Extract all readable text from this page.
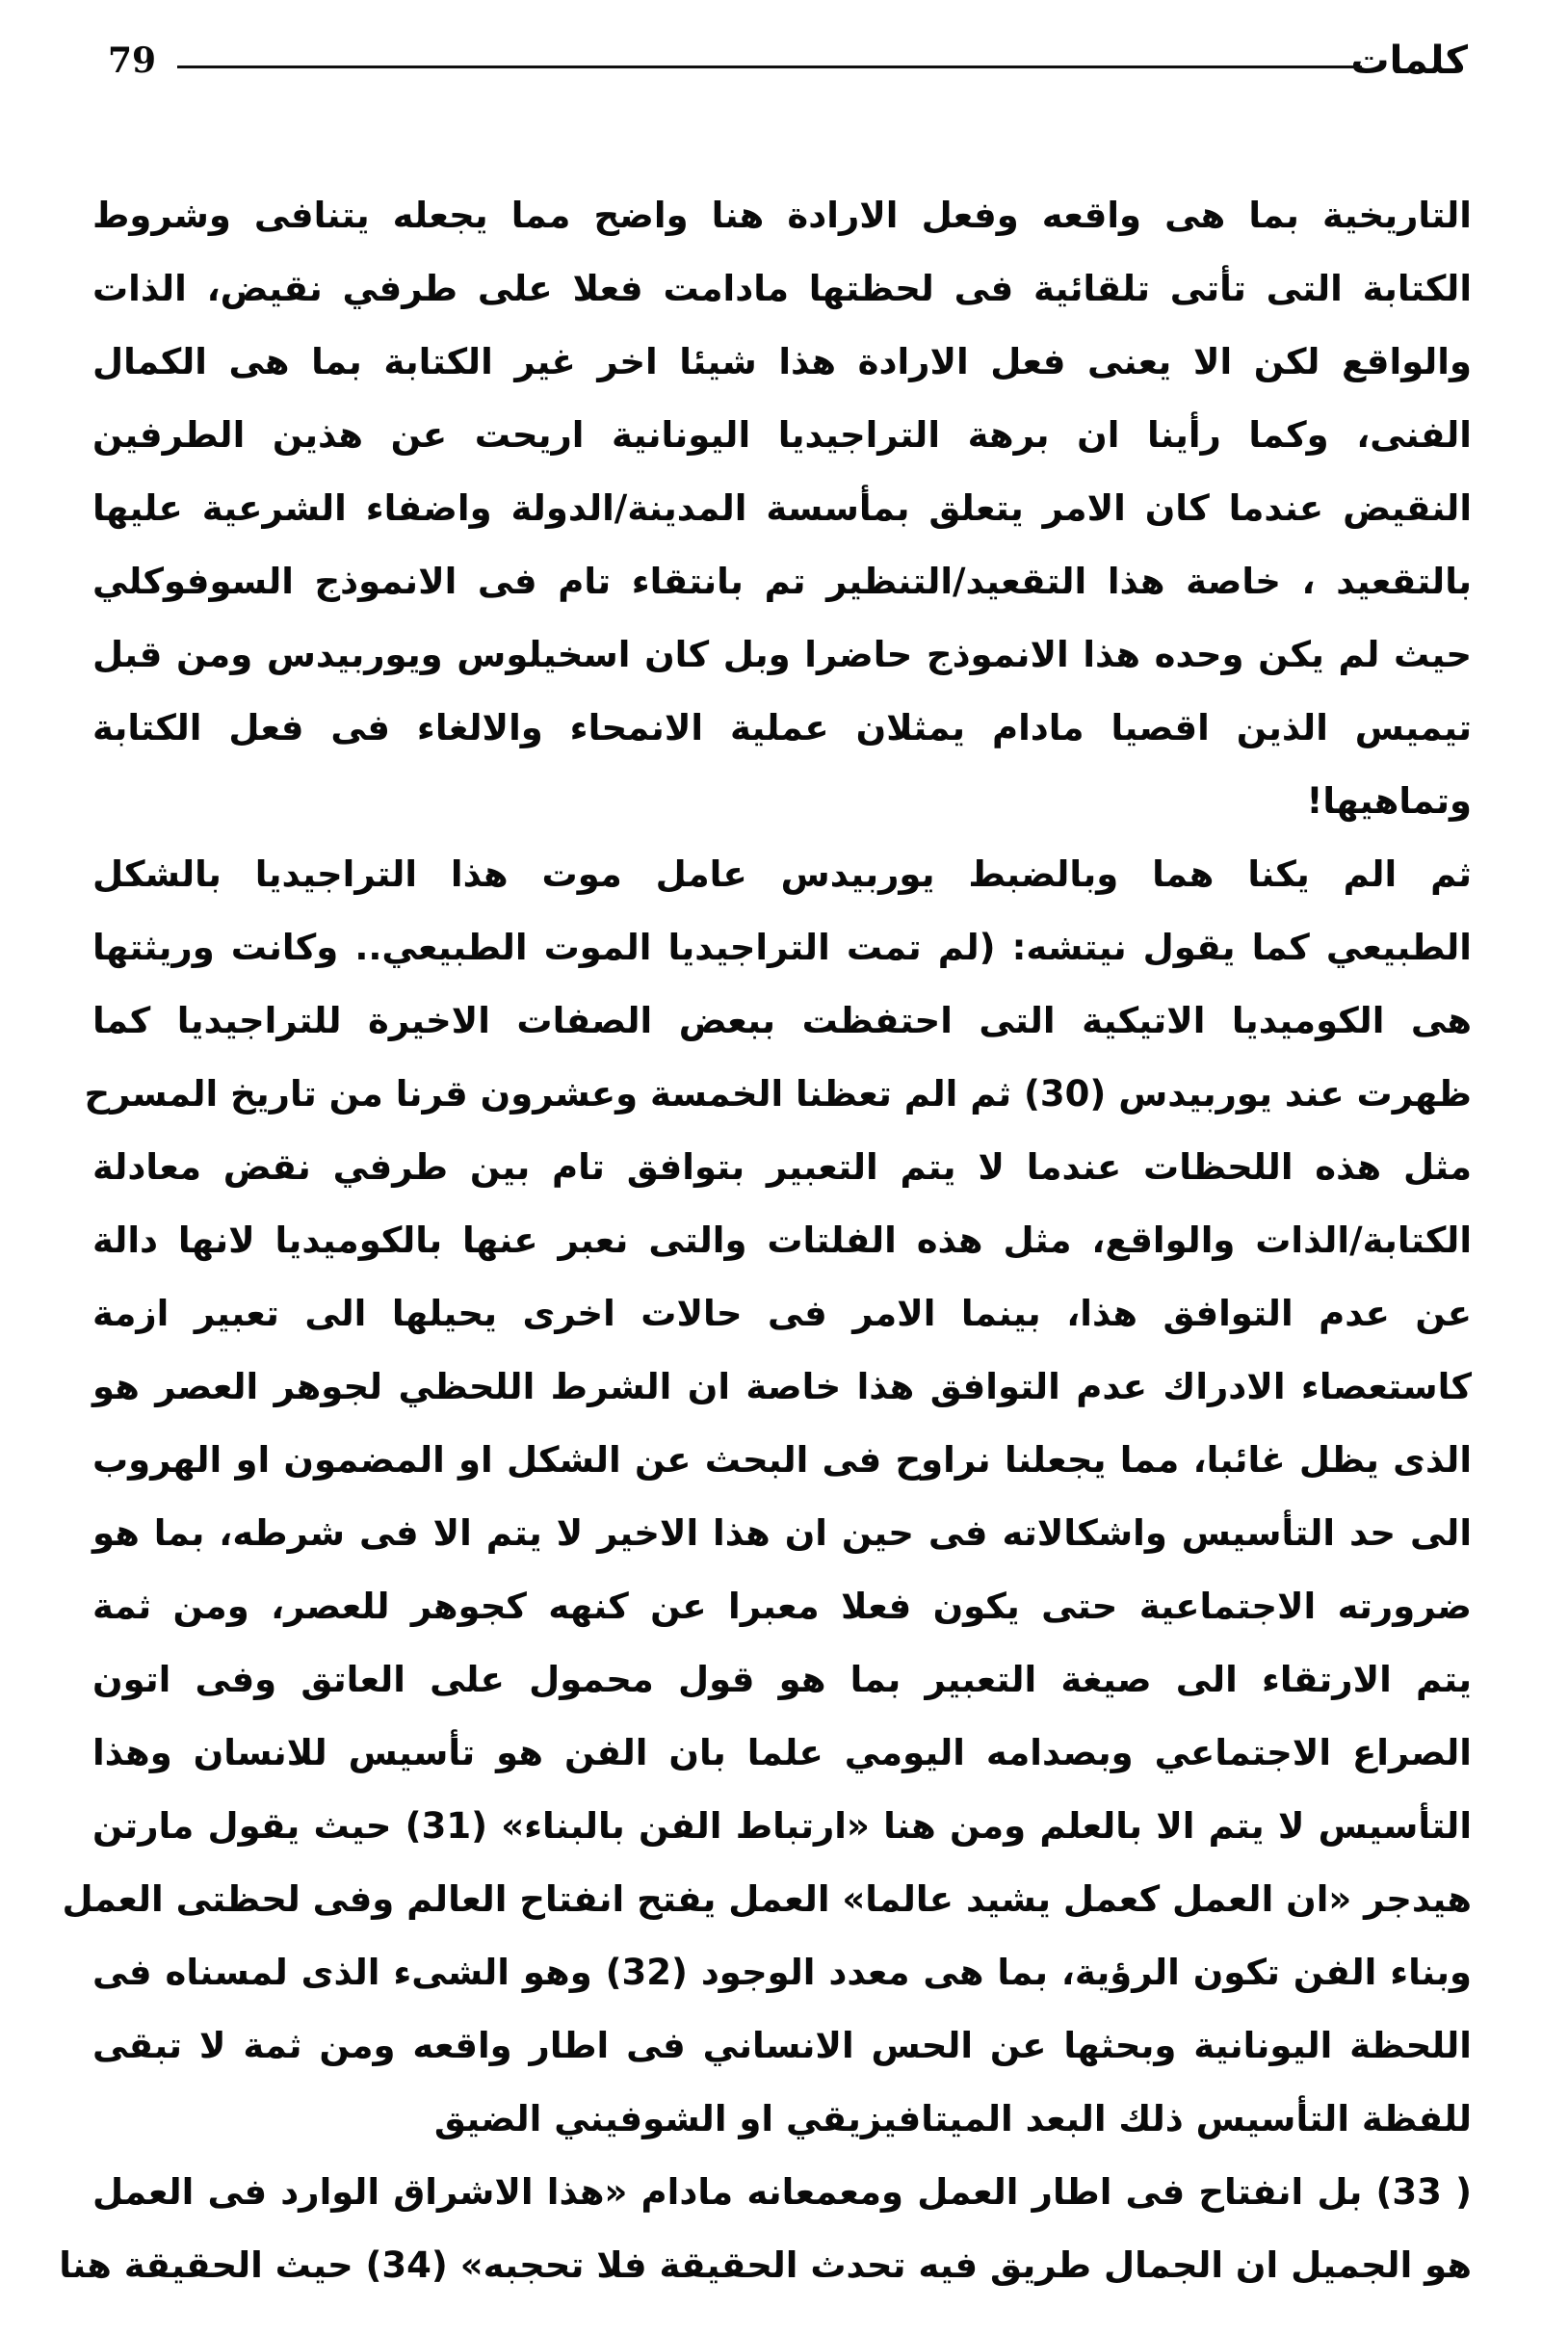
كلمات
79
التاريخية بما هى واقعه وفعل الارادة هنا واضح مما يجعله يتنافى وشروط
الكتابة التى تأتى تلقائية فى لحظتها مادامت فعلا على طرفي نقيض، الذات
والواقع لكن الا يعنى فعل الارادة هذا شيئا اخر غير الكتابة بما هى الكمال
الفنى، وكما رأينا ان برهة التراجيديا اليونانية اريحت عن هذين الطرفين
النقيض عندما كان الامر يتعلق بمأسسة المدينة/الدولة واضفاء الشرعية عليها
بالتقعيد ، خاصة هذا التقعيد/التنظير تم بانتقاء تام فى الانموذج السوفوكلي
حيث لم يكن وحده هذا الانموذج حاضرا وبل كان اسخيلوس ويوربيدس ومن قبل
تيميس الذين اقصيا مادام يمثلان عملية الانمحاء والالغاء فى فعل الكتابة
وتماهيها!
ثم الم يكنا هما وبالضبط يوربيدس عامل موت هذا التراجيديا بالشكل
الطبيعي كما يقول نيتشه: (لم تمت التراجيديا الموت الطبيعي.. وكانت وريثتها
هى الكوميديا الاتيكية التى احتفظت ببعض الصفات الاخيرة للتراجيديا كما
ظهرت عند يوربيدس (30) ثم الم تعظنا الخمسة وعشرون قرنا من تاريخ المسرح
مثل هذه اللحظات عندما لا يتم التعبير بتوافق تام بين طرفي نقض معادلة
الكتابة/الذات والواقع، مثل هذه الفلتات والتى نعبر عنها بالكوميديا لانها دالة
عن عدم التوافق هذا، بينما الامر فى حالات اخرى يحيلها الى تعبير ازمة
كاستعصاء الادراك عدم التوافق هذا خاصة ان الشرط اللحظي لجوهر العصر هو
الذى يظل غائبا، مما يجعلنا نراوح فى البحث عن الشكل او المضمون او الهروب
الى حد التأسيس واشكالاته فى حين ان هذا الاخير لا يتم الا فى شرطه، بما هو
ضرورته الاجتماعية حتى يكون فعلا معبرا عن كنهه كجوهر للعصر، ومن ثمة
يتم الارتقاء الى صيغة التعبير بما هو قول محمول على العاتق وفى اتون
الصراع الاجتماعي وبصدامه اليومي علما بان الفن هو تأسيس للانسان وهذا
التأسيس لا يتم الا بالعلم ومن هنا «ارتباط الفن بالبناء» (31) حيث يقول مارتن
هيدجر «ان العمل كعمل يشيد عالما» العمل يفتح انفتاح العالم وفى لحظتى العمل
وبناء الفن تكون الرؤية، بما هى معدد الوجود (32) وهو الشىء الذى لمسناه فى
اللحظة اليونانية وبحثها عن الحس الانساني فى اطار واقعه ومن ثمة لا تبقى
للفظة التأسيس ذلك البعد الميتافيزيقي او الشوفيني الضيق
( 33) بل انفتاح فى اطار العمل ومعمعانه مادام «هذا الاشراق الوارد فى العمل
هو الجميل ان الجمال طريق فيه تحدث الحقيقة فلا تحجبه» (34) حيث الحقيقة هنا
